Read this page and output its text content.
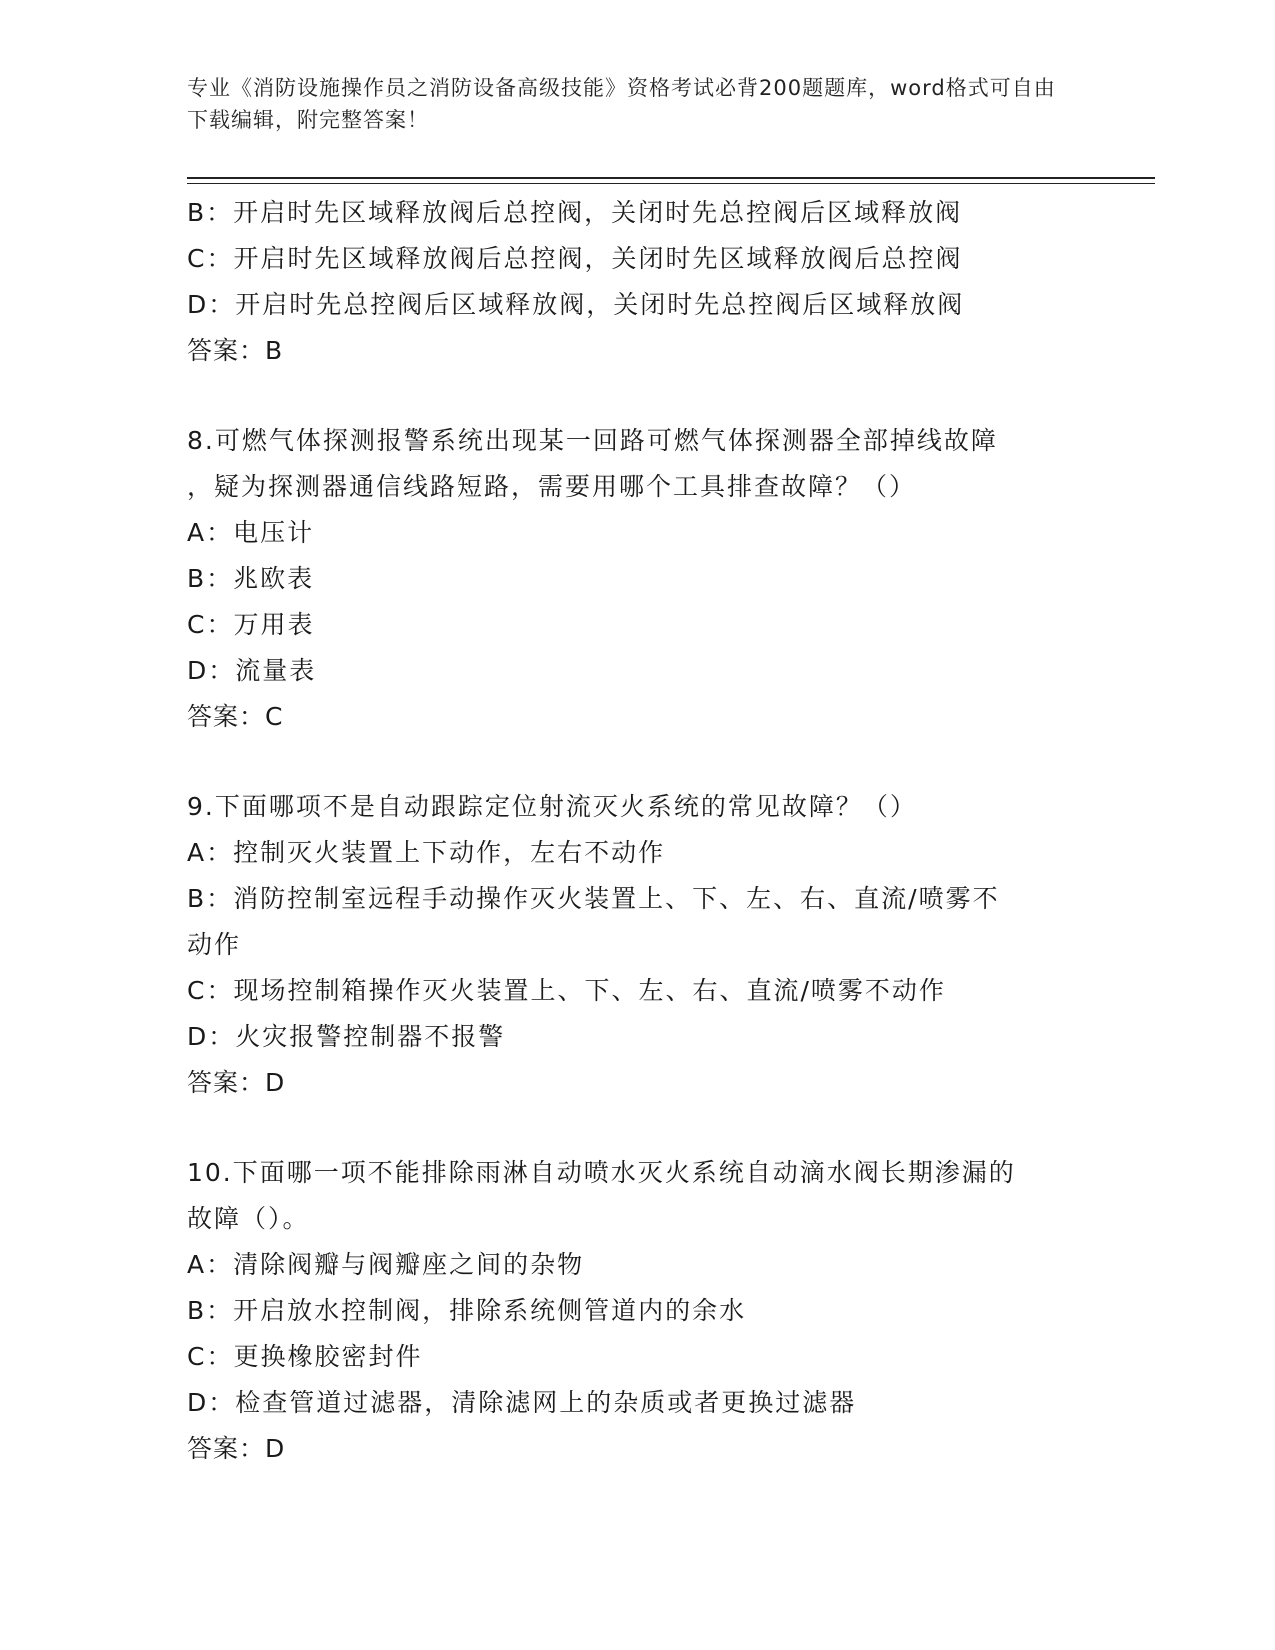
专业《消防设施操作员之消防设备高级技能》资格考试必背200题题库，word格式可自由下载编辑，附完整答案！
B：开启时先区域释放阀后总控阀，关闭时先总控阀后区域释放阀
C：开启时先区域释放阀后总控阀，关闭时先区域释放阀后总控阀
D：开启时先总控阀后区域释放阀，关闭时先总控阀后区域释放阀
答案：B
8.可燃气体探测报警系统出现某一回路可燃气体探测器全部掉线故障
，疑为探测器通信线路短路，需要用哪个工具排查故障？（）
A：电压计
B：兆欧表
C：万用表
D：流量表
答案：C
9.下面哪项不是自动跟踪定位射流灭火系统的常见故障？（）
A：控制灭火装置上下动作，左右不动作
B：消防控制室远程手动操作灭火装置上、下、左、右、直流/喷雾不
动作
C：现场控制箱操作灭火装置上、下、左、右、直流/喷雾不动作
D：火灾报警控制器不报警
答案：D
10.下面哪一项不能排除雨淋自动喷水灭火系统自动滴水阀长期渗漏的
故障（）。
A：清除阀瓣与阀瓣座之间的杂物
B：开启放水控制阀，排除系统侧管道内的余水
C：更换橡胶密封件
D：检查管道过滤器，清除滤网上的杂质或者更换过滤器
答案：D
